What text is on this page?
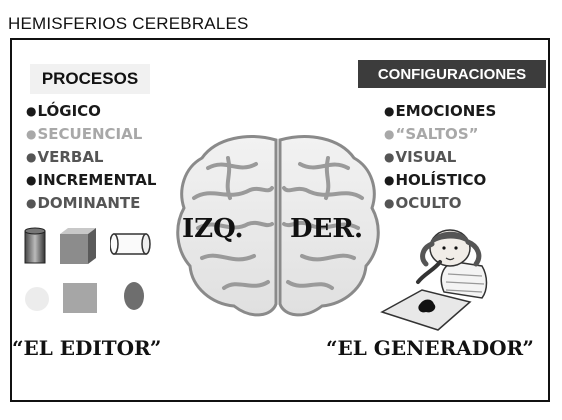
HEMISFERIOS CEREBRALES
PROCESOS	CONFIGURACIONES
● LÓGICO
● SECUENCIAL
● VERBAL
● INCREMENTAL
● DOMINANTE
● EMOCIONES
● “SALTOS”
● VISUAL
● HOLÍSTICO
● OCULTO
IZQ. DER.
“EL EDITOR”	“EL GENERADOR”
